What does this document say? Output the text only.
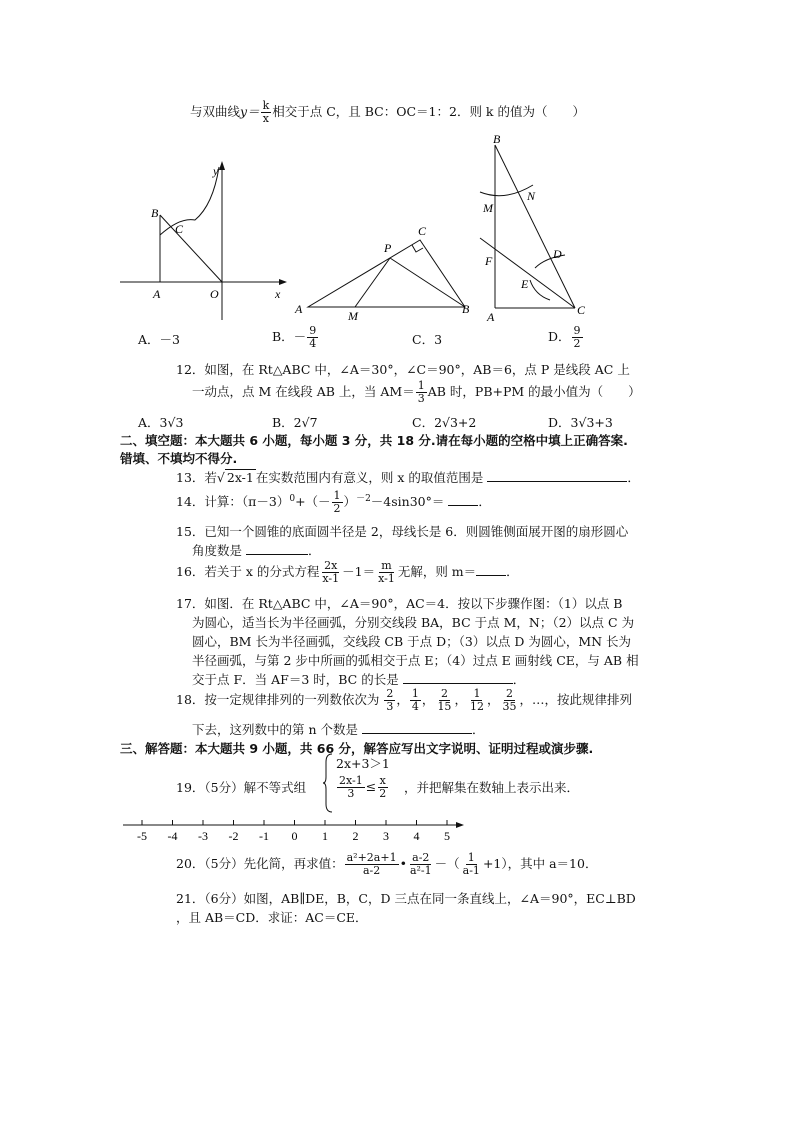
与双曲线$y= \frac{k}{x}$ 相交于点 C，且 BC：OC＝1：2．则 k 的值为（　　）
B
C
A	O	x
y
C
P
A	M	B
B
M
N
D
F
E
A	C
A．－3	B．－ $\frac{9}{4}$	C．3	D． $\frac{9}{2}$
12．如图，在 Rt△ABC 中，∠A＝30°，∠C＝90°，AB＝6，点 P 是线段 AC 上
一动点，点 M 在线段 AB 上，当 $AM= \frac{1}{3}$ AB 时，PB+PM 的最小值为（　　）
A．3√3	B．2√7	C．2√3+2	D．3√3+3
二、填空题：本大题共 6 小题，每小题 3 分，共 18 分.请在每小题的空格中填上正确答案.
错填、不填均不得分.
13．若√ 2x-1 在实数范围内有意义，则 x 的取值范围是	．
14．计算：$(\pi-3)^0+(- \frac{1}{2} )^{-2}-4\sin 30^\circ=$	．
15．已知一个圆锥的底面圆半径是 2，母线长是 6．则圆锥侧面展开图的扇形圆心
角度数是	．
16．若关于 x 的分式方程 $\frac{2x}{x-1} -1= \frac{m}{x-1}$ 无解，则 m＝ ．
17．如图．在 Rt△ABC 中，∠A＝90°，AC＝4．按以下步骤作图：（1）以点 B
为圆心，适当长为半径画弧，分别交线段 BA，BC 于点 M，N；（2）以点 C 为
圆心，BM 长为半径画弧，交线段 CB 于点 D；（3）以点 D 为圆心，MN 长为
半径画弧，与第 2 步中所画的弧相交于点 E；（4）过点 E 画射线 CE，与 AB 相
交于点 F．当 AF＝3 时，BC 的长是	．
18．按一定规律排列的一列数依次为 $\frac{2}{3}$ ， $\frac{1}{4}$ ， $\frac{2}{15}$ ， $\frac{1}{12}$ ， $\frac{2}{35}$ ，…，按此规律排列
下去，这列数中的第 n 个数是	．
三、解答题：本大题共 9 小题，共 66 分，解答应写出文字说明、证明过程或演步骤.
19．（5分）解不等式组
2x+3＞1
$\frac{2x-1}{3} \le \frac{x}{2}$ ，并把解集在数轴上表示出来．
-5 -4 -3 -2 -1 0 1 2 3 4 5
20．（5分）先化简，再求值： $\frac{\text{a²+2a+1}}{a-2}$ • $\frac{a-2}{\text{a²-1}}$ －（ $\frac{1}{a-1} +1$），其中 a＝10．
21．（6分）如图，AB∥DE，B，C，D 三点在同一条直线上，∠A＝90°，EC⊥BD
，且 AB＝CD．求证：AC＝CE．
